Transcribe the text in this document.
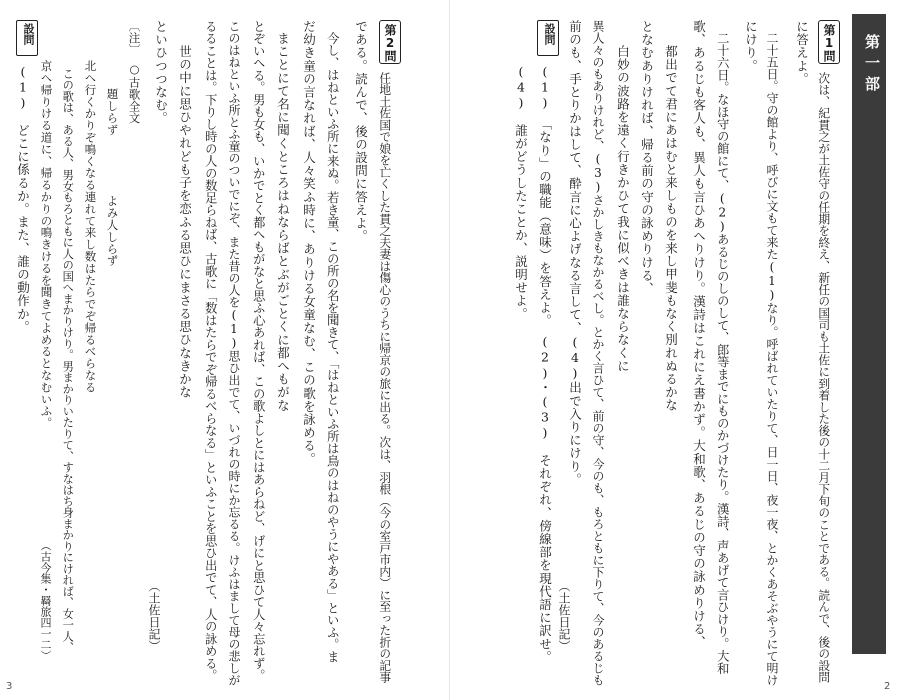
第一部
第1問
次は、紀貫之が土佐守の任期を終え、新任の国司も土佐に到着した後の十二月下旬のことである。読んで、後の設問
に答えよ。
二十五日。守の館より、呼びに文もて来た(1)なり。呼ばれていたりて、日一日、夜一夜、とかくあそぶやうにて明け
にけり。
二十六日。なほ守の館にて、(2)あるじのしのして、郎等までにものかづけたり。漢詩、声あげて言ひけり。大和
歌、あるじも客人も、異人も言ひあへりけり。漢詩はこれにえ書かず。大和歌、あるじの守の詠めりける、
都出でて君にあはむと来しものを来し甲斐もなく別れぬるかな
となむありければ、帰る前の守の詠めりける、
白妙の波路を遠く行きかひて我に似べきは誰ならなくに
異人々のもありけれど、(3)さかしきもなかるべし。とかく言ひて、前の守、今のも、もろともに下りて、今のあるじも
前のも、手とりかはして、酔言に心よげなる言して、(4)出で入りにけり。
（土佐日記）
設問
(1)　「なり」の職能（意味）を答えよ。　(2)・(3)　それぞれ、傍線部を現代語に訳せ。
(4)　誰がどうしたことか、説明せよ。
第2問
任地土佐国で娘を亡くした貫之夫妻は傷心のうちに帰京の旅に出る。次は、羽根（今の室戸市内）に至った折の記事
である。読んで、後の設問に答えよ。
今し、はねといふ所に来ぬ。若き童、この所の名を聞きて、「はねといふ所は鳥のはねのやうにやある」といふ。ま
だ幼き童の言なれば、人々笑ふ時に、ありける女童なむ、この歌を詠める。
まことにて名に聞くところはねならばとぶがごとくに都へもがな
とぞいへる。男も女も、いかでとく都へもがなと思ふ心あれば、この歌よしとにはあらねど、げにと思ひて人々忘れず。
このはねといふ所とふ童のついでにぞ、また昔の人を(1)思ひ出でて、いづれの時にか忘るる。けふはまして母の悲しが
るることは。下りし時の人の数足らねば、古歌に「数はたらでぞ帰るべらなる」といふことを思ひ出でて、人の詠める。
世の中に思ひやれども子を恋ふる思ひにまさる思ひなきかな
といひつつなむ。
（土佐日記）
〔注〕
○古歌全文
題しらず　　　　　よみ人しらず
北へ行くかりぞ鳴くなる連れて来し数はたらでぞ帰るべらなる
この歌は、ある人、男女もろともに人の国へまかりけり。男まかりいたりて、すなはち身まかりにければ、女一人、
京へ帰りける道に、帰るかりの鳴きけるを聞きてよめるとなむいふ。
（古今集・羇旅四一二）
設問
(1)　どこに係るか。また、誰の動作か。
3	2
